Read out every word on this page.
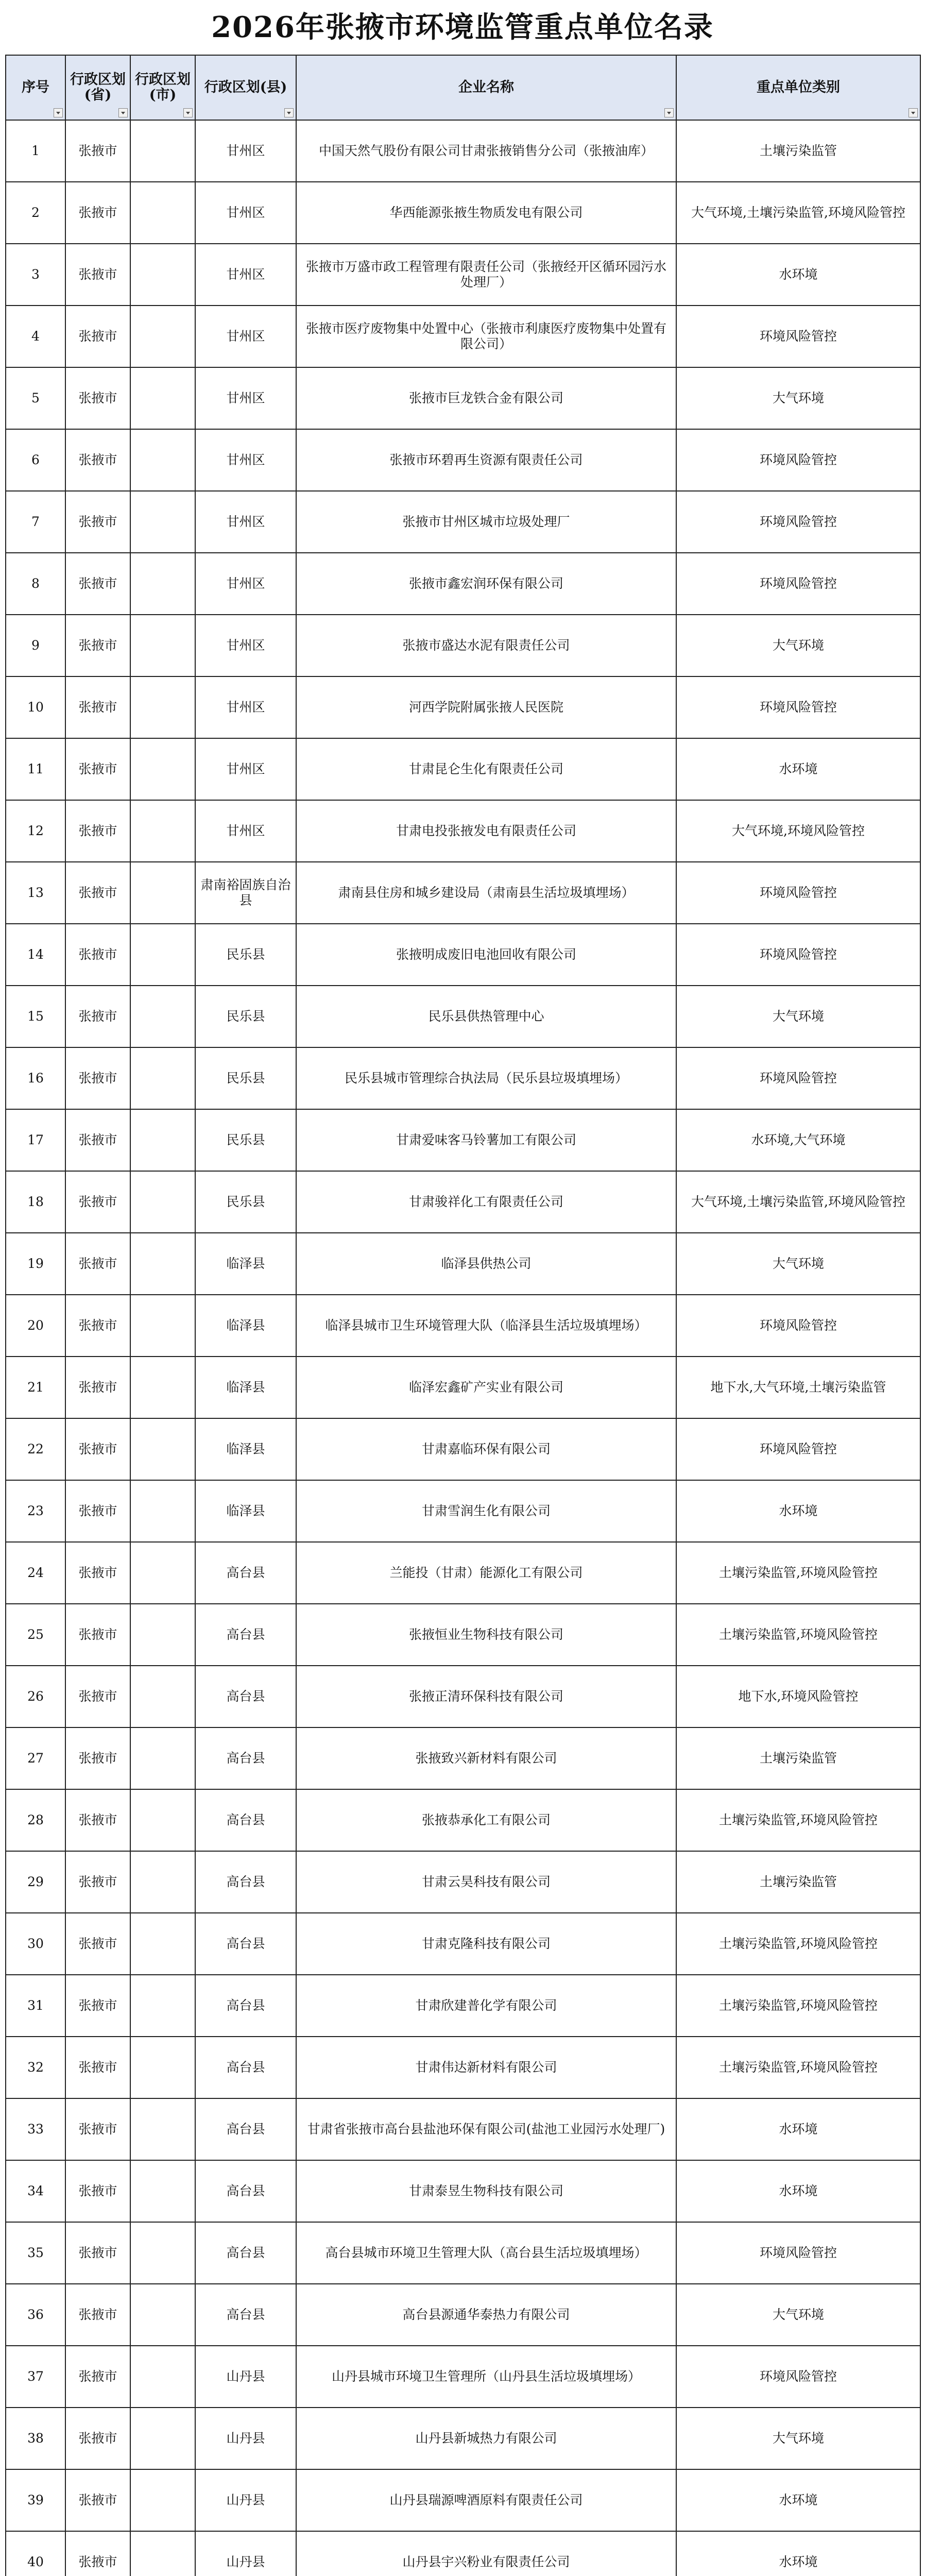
2026年张掖市环境监管重点单位名录
序号	行政区划(省)	行政区划(市)	行政区划(县)	企业名称	重点单位类别

1	张掖市		甘州区	中国天然气股份有限公司甘肃张掖销售分公司（张掖油库）	土壤污染监管
2	张掖市		甘州区	华西能源张掖生物质发电有限公司	大气环境,土壤污染监管,环境风险管控
3	张掖市		甘州区	张掖市万盛市政工程管理有限责任公司（张掖经开区循环园污水处理厂）	水环境
4	张掖市		甘州区	张掖市医疗废物集中处置中心（张掖市利康医疗废物集中处置有限公司）	环境风险管控
5	张掖市		甘州区	张掖市巨龙铁合金有限公司	大气环境
6	张掖市		甘州区	张掖市环碧再生资源有限责任公司	环境风险管控
7	张掖市		甘州区	张掖市甘州区城市垃圾处理厂	环境风险管控
8	张掖市		甘州区	张掖市鑫宏润环保有限公司	环境风险管控
9	张掖市		甘州区	张掖市盛达水泥有限责任公司	大气环境
10	张掖市		甘州区	河西学院附属张掖人民医院	环境风险管控
11	张掖市		甘州区	甘肃昆仑生化有限责任公司	水环境
12	张掖市		甘州区	甘肃电投张掖发电有限责任公司	大气环境,环境风险管控
13	张掖市		肃南裕固族自治县	肃南县住房和城乡建设局（肃南县生活垃圾填埋场）	环境风险管控
14	张掖市		民乐县	张掖明成废旧电池回收有限公司	环境风险管控
15	张掖市		民乐县	民乐县供热管理中心	大气环境
16	张掖市		民乐县	民乐县城市管理综合执法局（民乐县垃圾填埋场）	环境风险管控
17	张掖市		民乐县	甘肃爱味客马铃薯加工有限公司	水环境,大气环境
18	张掖市		民乐县	甘肃骏祥化工有限责任公司	大气环境,土壤污染监管,环境风险管控
19	张掖市		临泽县	临泽县供热公司	大气环境
20	张掖市		临泽县	临泽县城市卫生环境管理大队（临泽县生活垃圾填埋场）	环境风险管控
21	张掖市		临泽县	临泽宏鑫矿产实业有限公司	地下水,大气环境,土壤污染监管
22	张掖市		临泽县	甘肃嘉临环保有限公司	环境风险管控
23	张掖市		临泽县	甘肃雪润生化有限公司	水环境
24	张掖市		高台县	兰能投（甘肃）能源化工有限公司	土壤污染监管,环境风险管控
25	张掖市		高台县	张掖恒业生物科技有限公司	土壤污染监管,环境风险管控
26	张掖市		高台县	张掖正清环保科技有限公司	地下水,环境风险管控
27	张掖市		高台县	张掖致兴新材料有限公司	土壤污染监管
28	张掖市		高台县	张掖恭承化工有限公司	土壤污染监管,环境风险管控
29	张掖市		高台县	甘肃云昊科技有限公司	土壤污染监管
30	张掖市		高台县	甘肃克隆科技有限公司	土壤污染监管,环境风险管控
31	张掖市		高台县	甘肃欣建普化学有限公司	土壤污染监管,环境风险管控
32	张掖市		高台县	甘肃伟达新材料有限公司	土壤污染监管,环境风险管控
33	张掖市		高台县	甘肃省张掖市高台县盐池环保有限公司(盐池工业园污水处理厂)	水环境
34	张掖市		高台县	甘肃泰昱生物科技有限公司	水环境
35	张掖市		高台县	高台县城市环境卫生管理大队（高台县生活垃圾填埋场）	环境风险管控
36	张掖市		高台县	高台县源通华泰热力有限公司	大气环境
37	张掖市		山丹县	山丹县城市环境卫生管理所（山丹县生活垃圾填埋场）	环境风险管控
38	张掖市		山丹县	山丹县新城热力有限公司	大气环境
39	张掖市		山丹县	山丹县瑞源啤酒原料有限责任公司	水环境
40	张掖市		山丹县	山丹县宇兴粉业有限责任公司	水环境
